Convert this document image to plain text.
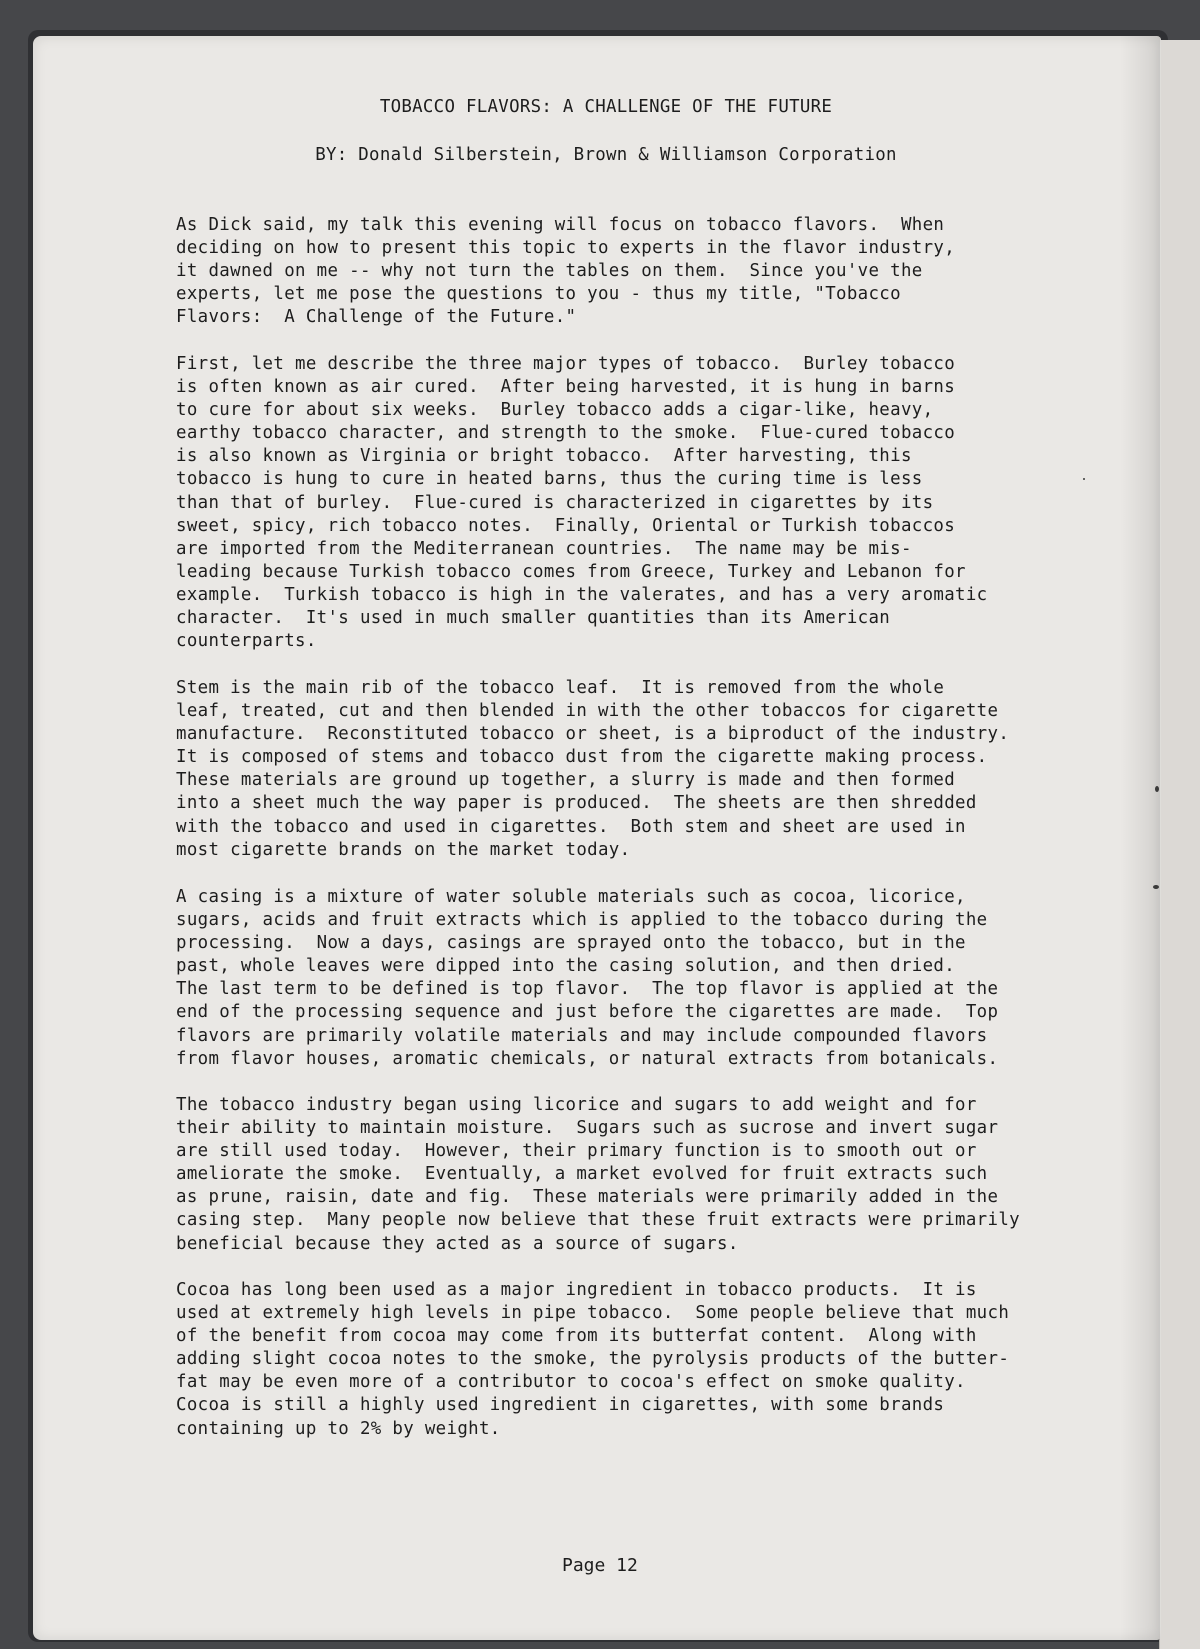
TOBACCO FLAVORS: A CHALLENGE OF THE FUTURE
BY: Donald Silberstein, Brown & Williamson Corporation

As Dick said, my talk this evening will focus on tobacco flavors.  When
deciding on how to present this topic to experts in the flavor industry,
it dawned on me -- why not turn the tables on them.  Since you've the
experts, let me pose the questions to you - thus my title, "Tobacco
Flavors:  A Challenge of the Future."

First, let me describe the three major types of tobacco.  Burley tobacco
is often known as air cured.  After being harvested, it is hung in barns
to cure for about six weeks.  Burley tobacco adds a cigar-like, heavy,
earthy tobacco character, and strength to the smoke.  Flue-cured tobacco
is also known as Virginia or bright tobacco.  After harvesting, this
tobacco is hung to cure in heated barns, thus the curing time is less
than that of burley.  Flue-cured is characterized in cigarettes by its
sweet, spicy, rich tobacco notes.  Finally, Oriental or Turkish tobaccos
are imported from the Mediterranean countries.  The name may be mis-
leading because Turkish tobacco comes from Greece, Turkey and Lebanon for
example.  Turkish tobacco is high in the valerates, and has a very aromatic
character.  It's used in much smaller quantities than its American
counterparts.

Stem is the main rib of the tobacco leaf.  It is removed from the whole
leaf, treated, cut and then blended in with the other tobaccos for cigarette
manufacture.  Reconstituted tobacco or sheet, is a biproduct of the industry.
It is composed of stems and tobacco dust from the cigarette making process.
These materials are ground up together, a slurry is made and then formed
into a sheet much the way paper is produced.  The sheets are then shredded
with the tobacco and used in cigarettes.  Both stem and sheet are used in
most cigarette brands on the market today.

A casing is a mixture of water soluble materials such as cocoa, licorice,
sugars, acids and fruit extracts which is applied to the tobacco during the
processing.  Now a days, casings are sprayed onto the tobacco, but in the
past, whole leaves were dipped into the casing solution, and then dried.
The last term to be defined is top flavor.  The top flavor is applied at the
end of the processing sequence and just before the cigarettes are made.  Top
flavors are primarily volatile materials and may include compounded flavors
from flavor houses, aromatic chemicals, or natural extracts from botanicals.

The tobacco industry began using licorice and sugars to add weight and for
their ability to maintain moisture.  Sugars such as sucrose and invert sugar
are still used today.  However, their primary function is to smooth out or
ameliorate the smoke.  Eventually, a market evolved for fruit extracts such
as prune, raisin, date and fig.  These materials were primarily added in the
casing step.  Many people now believe that these fruit extracts were primarily
beneficial because they acted as a source of sugars.

Cocoa has long been used as a major ingredient in tobacco products.  It is
used at extremely high levels in pipe tobacco.  Some people believe that much
of the benefit from cocoa may come from its butterfat content.  Along with
adding slight cocoa notes to the smoke, the pyrolysis products of the butter-
fat may be even more of a contributor to cocoa's effect on smoke quality.
Cocoa is still a highly used ingredient in cigarettes, with some brands
containing up to 2% by weight.

Page 12
